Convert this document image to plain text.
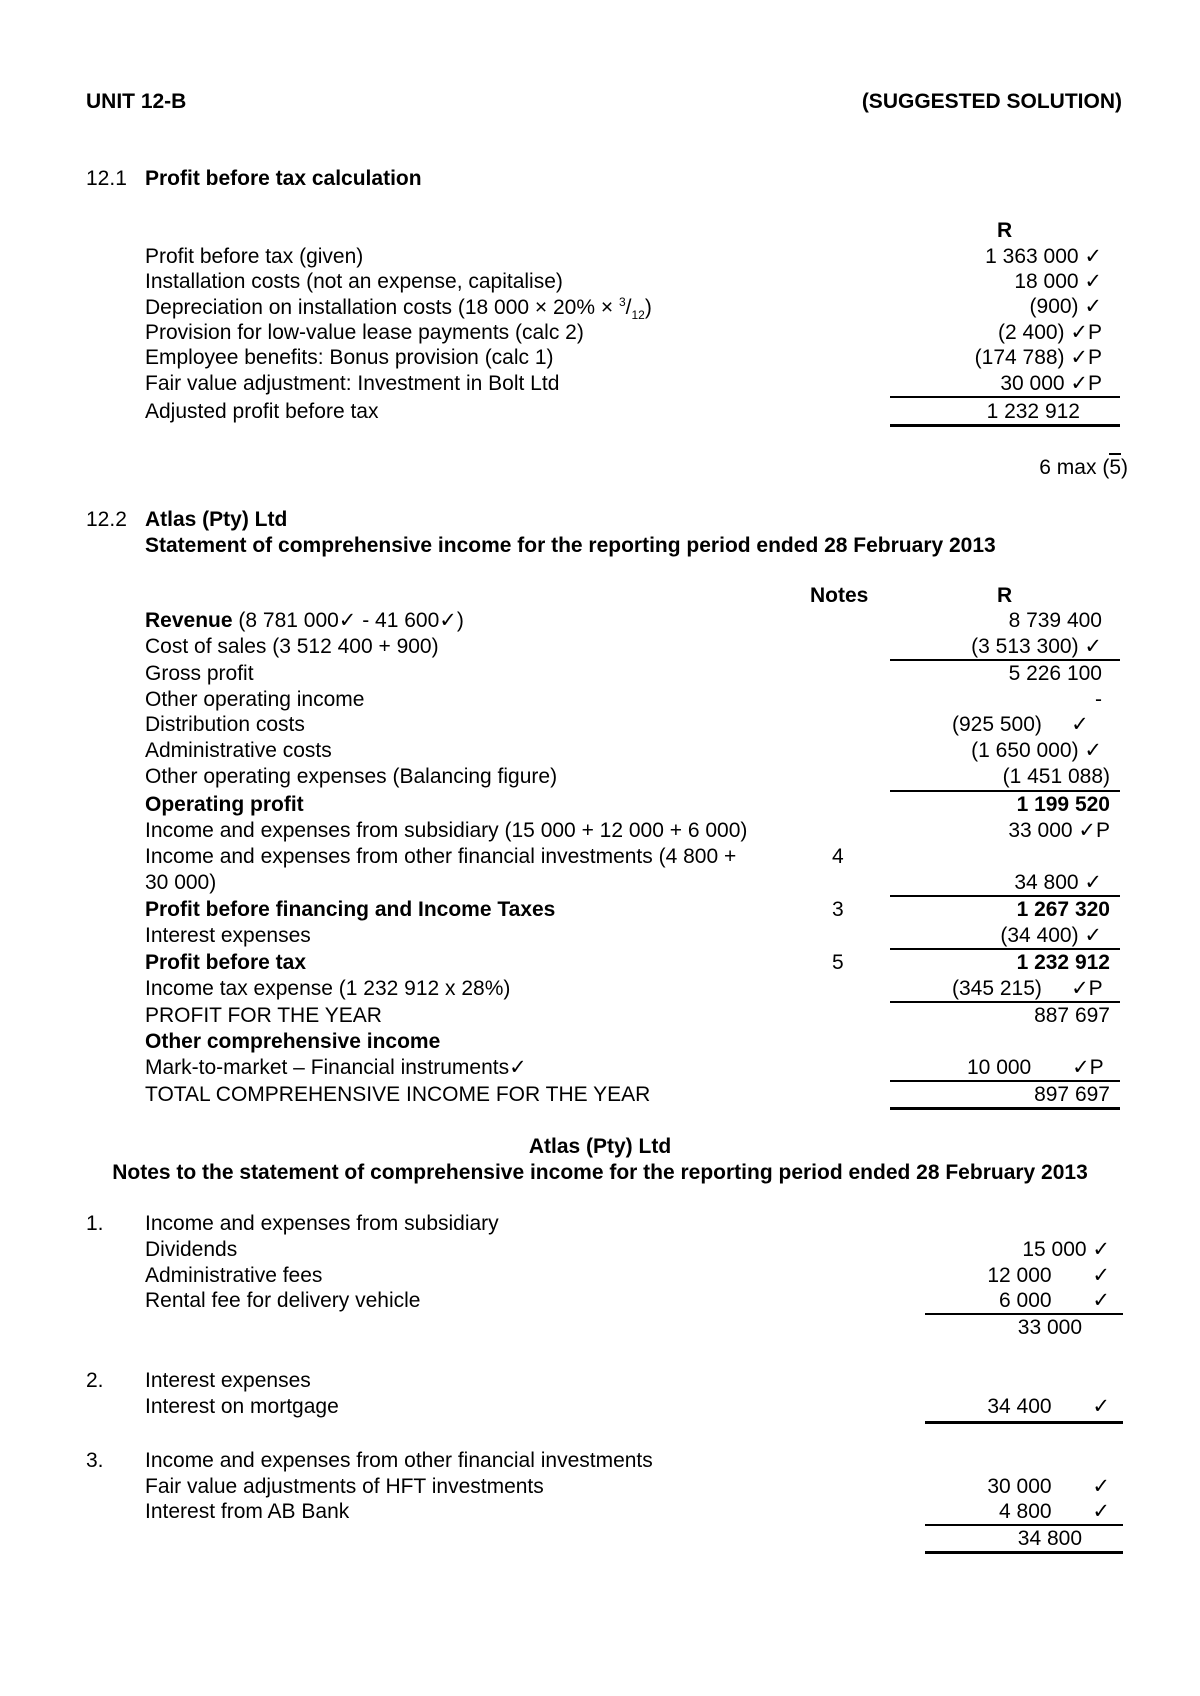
UNIT 12-B	(SUGGESTED SOLUTION)
12.1 Profit before tax calculation
R
Profit before tax (given)	1 363 000 ✓
Installation costs (not an expense, capitalise)	18 000 ✓
Depreciation on installation costs (18 $000 \times 20\% \times ^3/_{12}$)	(900) ✓
Provision for low-value lease payments (calc 2)	(2 400) ✓P
Employee benefits: Bonus provision (calc 1)	(174 788) ✓P
Fair value adjustment: Investment in Bolt Ltd	30 000 ✓P
Adjusted profit before tax	1 232 912
6 max (5)
12.2 Atlas (Pty) Ltd
Statement of comprehensive income for the reporting period ended 28 February 2013
Notes	R
Revenue (8 781 000✓ - 41 600✓)	8 739 400
Cost of sales (3 512 400 + 900)	(3 513 300) ✓
Gross profit	5 226 100
Other operating income	-
Distribution costs	(925 500)     ✓
Administrative costs	(1 650 000) ✓
Other operating expenses (Balancing figure)	(1 451 088)
Operating profit	1 199 520
Income and expenses from subsidiary (15 000 + 12 000 + 6 000)	33 000 ✓P
Income and expenses from other financial investments (4 800 +	4
30 000)	34 800 ✓
Profit before financing and Income Taxes	3	1 267 320
Interest expenses	(34 400) ✓
Profit before tax	5	1 232 912
Income tax expense (1 232 912 x 28%)	(345 215)     ✓P
PROFIT FOR THE YEAR	887 697
Other comprehensive income
Mark-to-market – Financial instruments✓	10 000       ✓P
TOTAL COMPREHENSIVE INCOME FOR THE YEAR	897 697
Atlas (Pty) Ltd
Notes to the statement of comprehensive income for the reporting period ended 28 February 2013
1. Income and expenses from subsidiary
Dividends	15 000 ✓
Administrative fees	12 000       ✓
Rental fee for delivery vehicle	6 000       ✓
33 000
2. Interest expenses
Interest on mortgage	34 400       ✓
3. Income and expenses from other financial investments
Fair value adjustments of HFT investments	30 000       ✓
Interest from AB Bank	4 800       ✓
34 800
